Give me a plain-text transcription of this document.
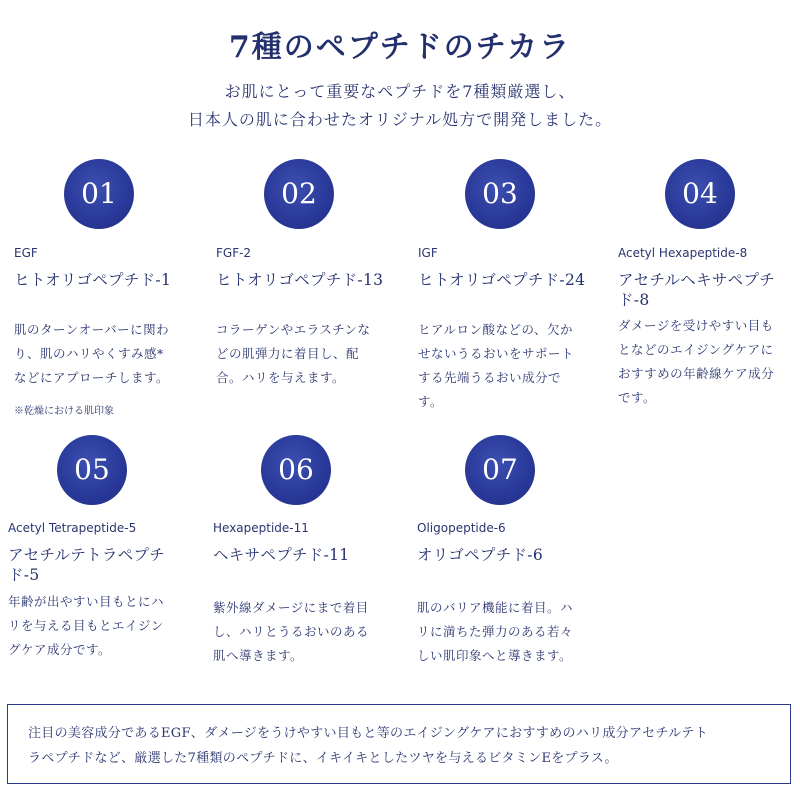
7種のペプチドのチカラ
お肌にとって重要なペプチドを7種類厳選し、
日本人の肌に合わせたオリジナル処方で開発しました。
01
EGF
ヒトオリゴペプチド-1
肌のターンオーバーに関わ
り、肌のハリやくすみ感*
などにアプローチします。
※乾燥における肌印象
02
FGF-2
ヒトオリゴペプチド-13
コラーゲンやエラスチンな
どの肌弾力に着目し、配
合。ハリを与えます。
03
IGF
ヒトオリゴペプチド-24
ヒアルロン酸などの、欠か
せないうるおいをサポート
する先端うるおい成分で
す。
04
Acetyl Hexapeptide-8
アセチルヘキサペプチ
ド-8
ダメージを受けやすい目も
となどのエイジングケアに
おすすめの年齢線ケア成分
です。
05
Acetyl Tetrapeptide-5
アセチルテトラペプチ
ド-5
年齢が出やすい目もとにハ
リを与える目もとエイジン
グケア成分です。
06
Hexapeptide-11
ヘキサペプチド-11
紫外線ダメージにまで着目
し、ハリとうるおいのある
肌へ導きます。
07
Oligopeptide-6
オリゴペプチド-6
肌のバリア機能に着目。ハ
リに満ちた弾力のある若々
しい肌印象へと導きます。
注目の美容成分であるEGF、ダメージをうけやすい目もと等のエイジングケアにおすすめのハリ成分アセチルテト
ラペプチドなど、厳選した7種類のペプチドに、イキイキとしたツヤを与えるビタミンEをプラス。
